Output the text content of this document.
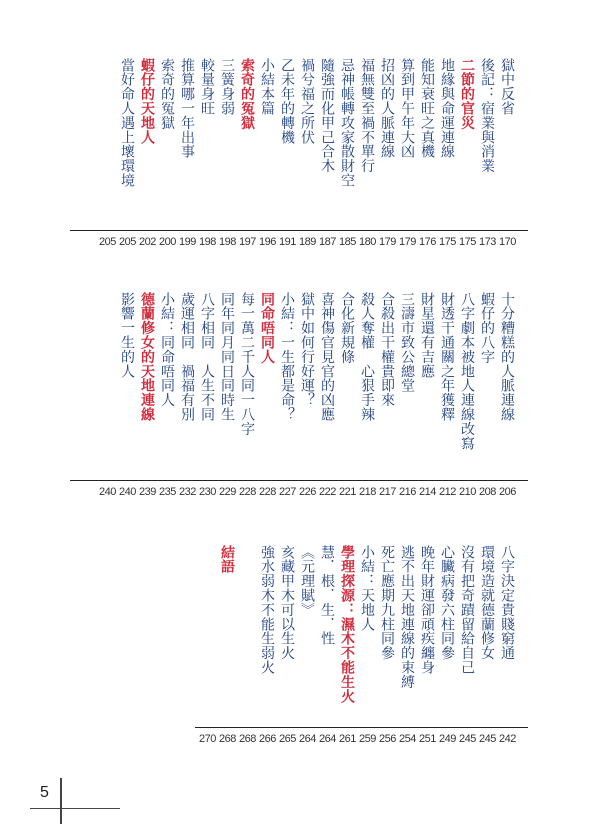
獄中反省
後記：宿業與消業
二節的官災
地緣與命運連線
能知衰旺之真機
算到甲午年大凶
招凶的人脈連線
福無雙至禍不單行
忌神帳轉攻家散財空
隨強而化甲己合木
禍兮福之所伏
乙未年的轉機
小結本篇
索奇的冤獄
三簧身弱
較量身旺
推算哪一年出事
索奇的冤獄
蝦仔的天地人
當好命人遇上壞環境
170
173
175
175
176
179
179
180
185
187
189
191
196
197
198
198
199
200
202
205
205
十分糟糕的人脈連線
蝦仔的八字
八字劇本被地人連線改寫
財透干通關之年獲釋
財星還有吉應
三濤市致公總堂
合殺出干權貴即來
殺人奪權　心狠手辣
合化新規條
喜神傷官見官的凶應
獄中如何行好運？
小結：一生都是命？
同命唔同人
每一萬二千人同一八字
同年同月同日同時生
八字相同　人生不同
歲運相同　禍福有別
小結：同命唔同人
德蘭修女的天地連線
影響一生的人
206
208
210
212
214
216
217
218
221
222
226
227
228
228
229
230
232
235
239
240
240
八字決定貴賤窮通
環境造就德蘭修女
沒有把奇蹟留給自己
心臟病發六柱同參
晚年財運卻頑疾纏身
逃不出天地連線的束縛
死亡應期九柱同參
小結：天地人
學理探源：濕木不能生火
慧．根．生．性
《元理賦》
亥藏甲木可以生火
強水弱木不能生弱火
結語
242
245
245
249
251
254
256
259
261
264
264
265
266
268
268
270
5
